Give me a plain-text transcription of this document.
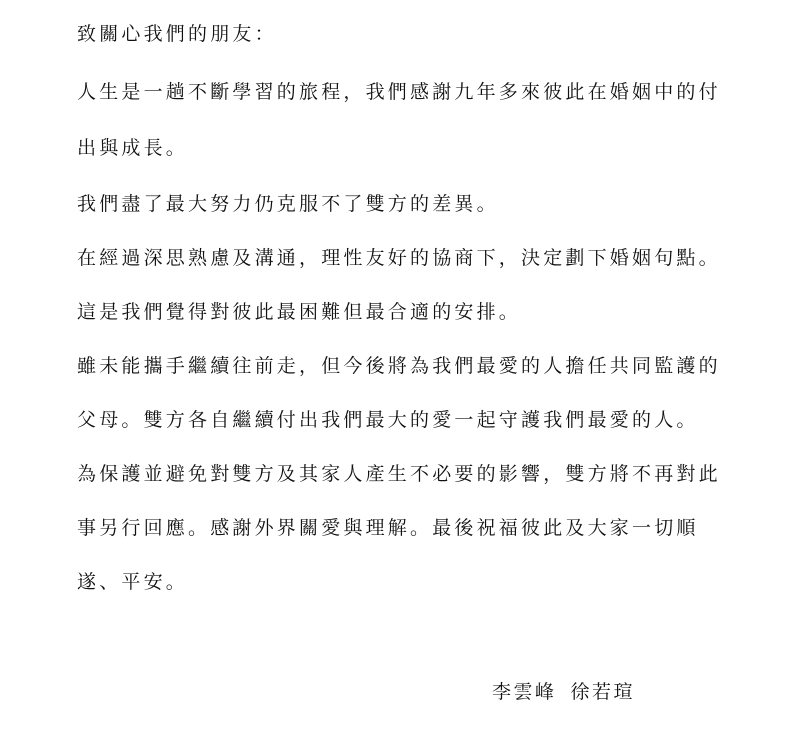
致關心我們的朋友：
人生是一趟不斷學習的旅程，我們感謝九年多來彼此在婚姻中的付
出與成長。
我們盡了最大努力仍克服不了雙方的差異。
在經過深思熟慮及溝通，理性友好的協商下，決定劃下婚姻句點。
這是我們覺得對彼此最困難但最合適的安排。
雖未能攜手繼續往前走，但今後將為我們最愛的人擔任共同監護的
父母。雙方各自繼續付出我們最大的愛一起守護我們最愛的人。
為保護並避免對雙方及其家人產生不必要的影響，雙方將不再對此
事另行回應。感謝外界關愛與理解。最後祝福彼此及大家一切順
遂、平安。
李雲峰 徐若瑄
